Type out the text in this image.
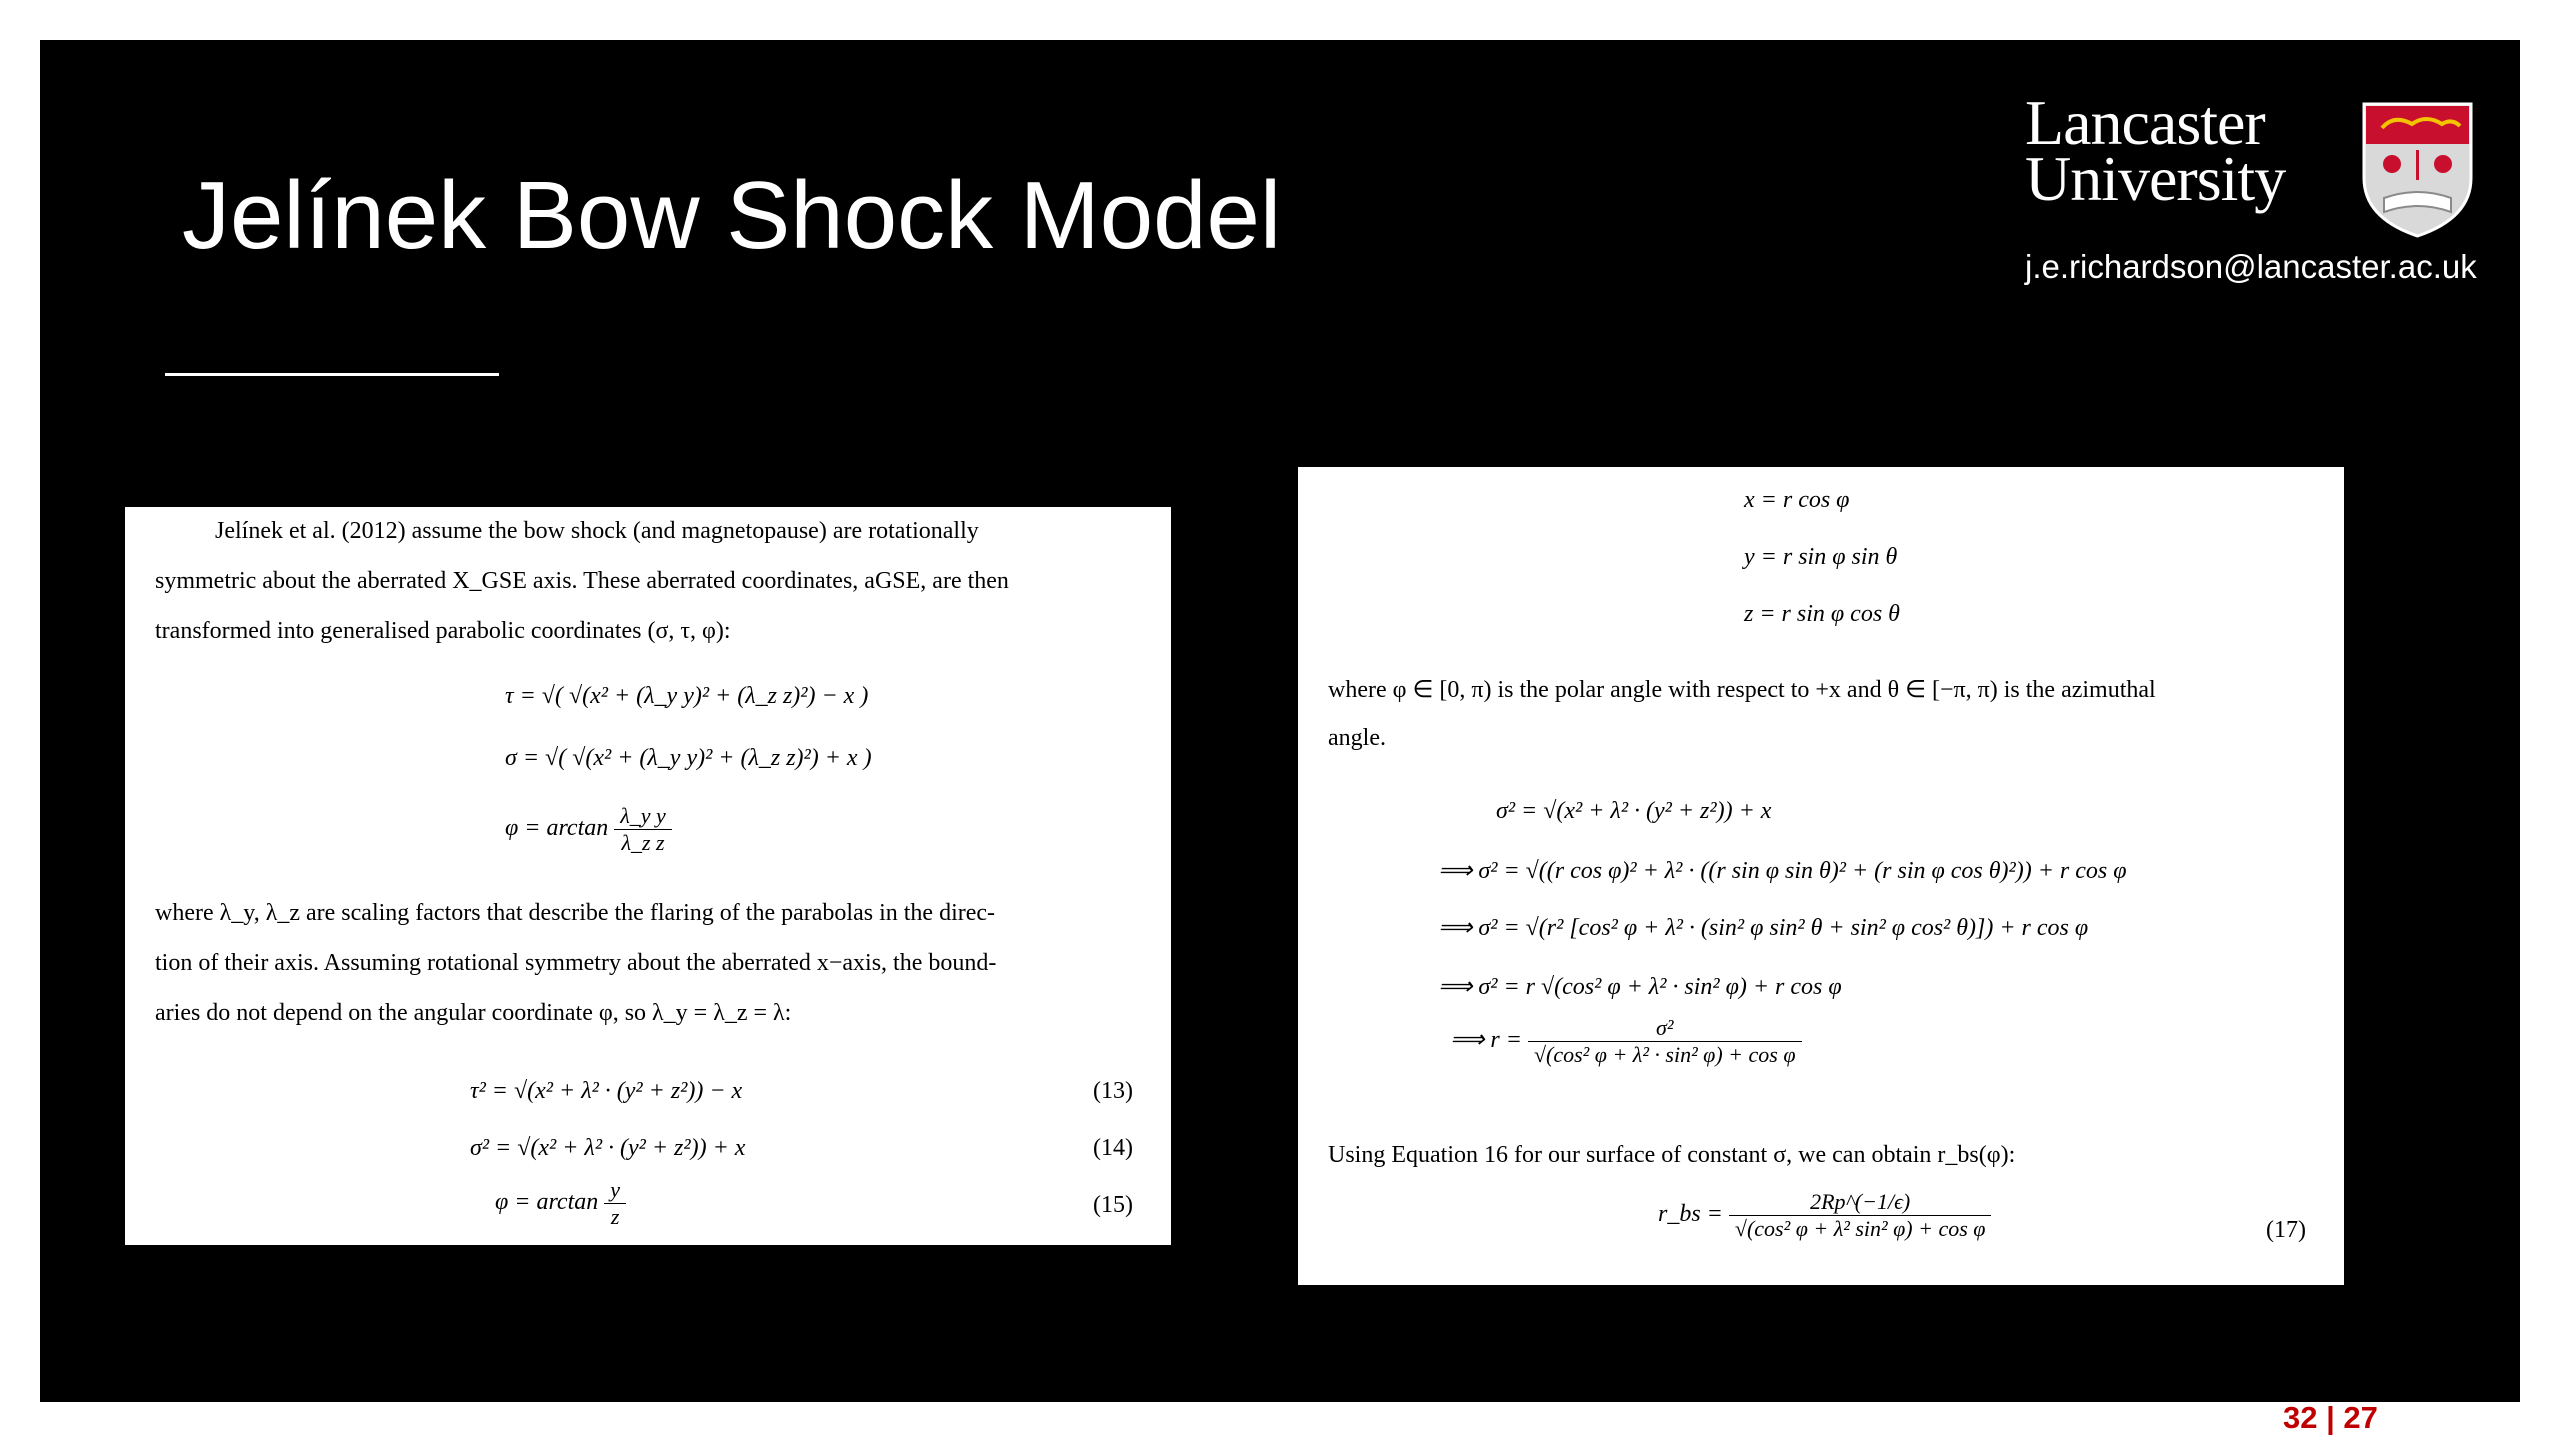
Jelínek Bow Shock Model
Lancaster
University
j.e.richardson@lancaster.ac.uk
Jelínek et al. (2012) assume the bow shock (and magnetopause) are rotationally
symmetric about the aberrated X_GSE axis. These aberrated coordinates, aGSE, are then
transformed into generalised parabolic coordinates (σ, τ, φ):
τ = √( √(x² + (λ_y y)² + (λ_z z)²) − x )
σ = √( √(x² + (λ_y y)² + (λ_z z)²) + x )
$\varphi = \arctan \frac{\text{λ\_y y}}{\text{λ\_z z}}$
where λ_y, λ_z are scaling factors that describe the flaring of the parabolas in the direc-
tion of their axis. Assuming rotational symmetry about the aberrated x−axis, the bound-
aries do not depend on the angular coordinate φ, so λ_y = λ_z = λ:
τ² = √(x² + λ² · (y² + z²)) − x	(13)
σ² = √(x² + λ² · (y² + z²)) + x	(14)
$\varphi = \arctan \frac{y}{z}$	(15)
x = r cos φ
y = r sin φ sin θ
z = r sin φ cos θ
where φ ∈ [0, π) is the polar angle with respect to +x and θ ∈ [−π, π) is the azimuthal
angle.
σ² = √(x² + λ² · (y² + z²)) + x
⟹ σ² = √((r cos φ)² + λ² · ((r sin φ sin θ)² + (r sin φ cos θ)²)) + r cos φ
⟹ σ² = √(r² [cos² φ + λ² · (sin² φ sin² θ + sin² φ cos² θ)]) + r cos φ
⟹ σ² = r √(cos² φ + λ² · sin² φ) + r cos φ
⟹ $r = \frac{\text{σ²}}{\text{√(cos² φ + λ² · sin² φ) + cos φ}}$
Using Equation 16 for our surface of constant σ, we can obtain r_bs(φ):
r_bs = $\frac{2Rp\^{}(-1/\epsilon)}{\text{√(cos² φ + λ² sin² φ) + cos φ}}$	(17)
32 | 27
